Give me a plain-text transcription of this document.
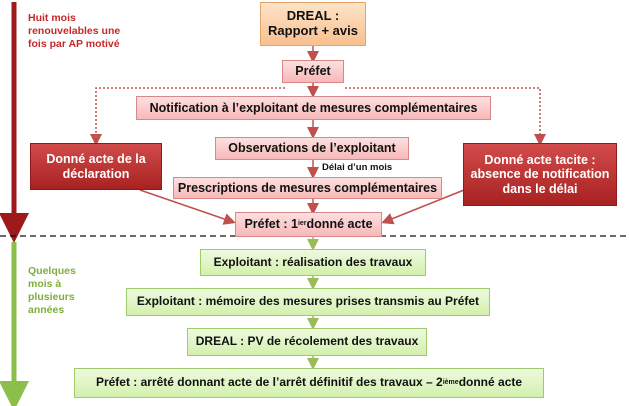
Huit mois renouvelables une fois par AP motivé
Quelques mois à plusieurs années
DREAL :
Rapport + avis
Préfet
Notification à l’exploitant de mesures complémentaires
Observations de l’exploitant
Délai d’un mois
Prescriptions de mesures complémentaires
Donné acte de la déclaration
Donné acte tacite : absence de notification dans le délai
Préfet : 1 ier donné acte
Exploitant : réalisation des travaux
Exploitant : mémoire des mesures prises transmis au Préfet
DREAL : PV de récolement des travaux
Préfet : arrêté donnant acte de l’arrêt définitif des travaux – 2 ième donné acte
